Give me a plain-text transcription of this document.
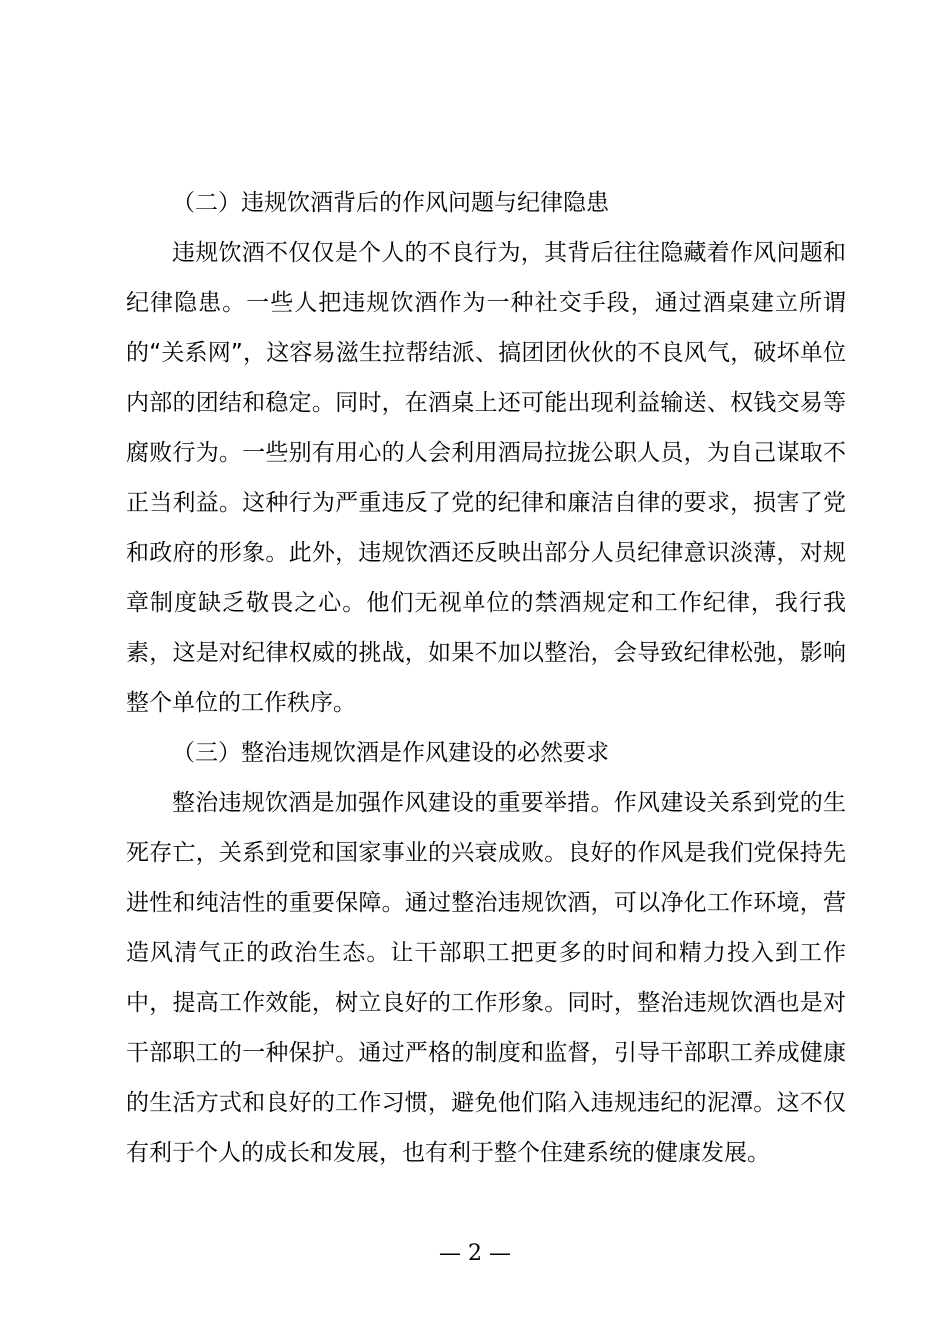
（二）违规饮酒背后的作风问题与纪律隐患

违规饮酒不仅仅是个人的不良行为，其背后往往隐藏着作风问题和纪律隐患。一些人把违规饮酒作为一种社交手段，通过酒桌建立所谓的“关系网”，这容易滋生拉帮结派、搞团团伙伙的不良风气，破坏单位内部的团结和稳定。同时，在酒桌上还可能出现利益输送、权钱交易等腐败行为。一些别有用心的人会利用酒局拉拢公职人员，为自己谋取不正当利益。这种行为严重违反了党的纪律和廉洁自律的要求，损害了党和政府的形象。此外，违规饮酒还反映出部分人员纪律意识淡薄，对规章制度缺乏敬畏之心。他们无视单位的禁酒规定和工作纪律，我行我素，这是对纪律权威的挑战，如果不加以整治，会导致纪律松弛，影响整个单位的工作秩序。

（三）整治违规饮酒是作风建设的必然要求

整治违规饮酒是加强作风建设的重要举措。作风建设关系到党的生死存亡，关系到党和国家事业的兴衰成败。良好的作风是我们党保持先进性和纯洁性的重要保障。通过整治违规饮酒，可以净化工作环境，营造风清气正的政治生态。让干部职工把更多的时间和精力投入到工作中，提高工作效能，树立良好的工作形象。同时，整治违规饮酒也是对干部职工的一种保护。通过严格的制度和监督，引导干部职工养成健康的生活方式和良好的工作习惯，避免他们陷入违规违纪的泥潭。这不仅有利于个人的成长和发展，也有利于整个住建系统的健康发展。

— 2 —
